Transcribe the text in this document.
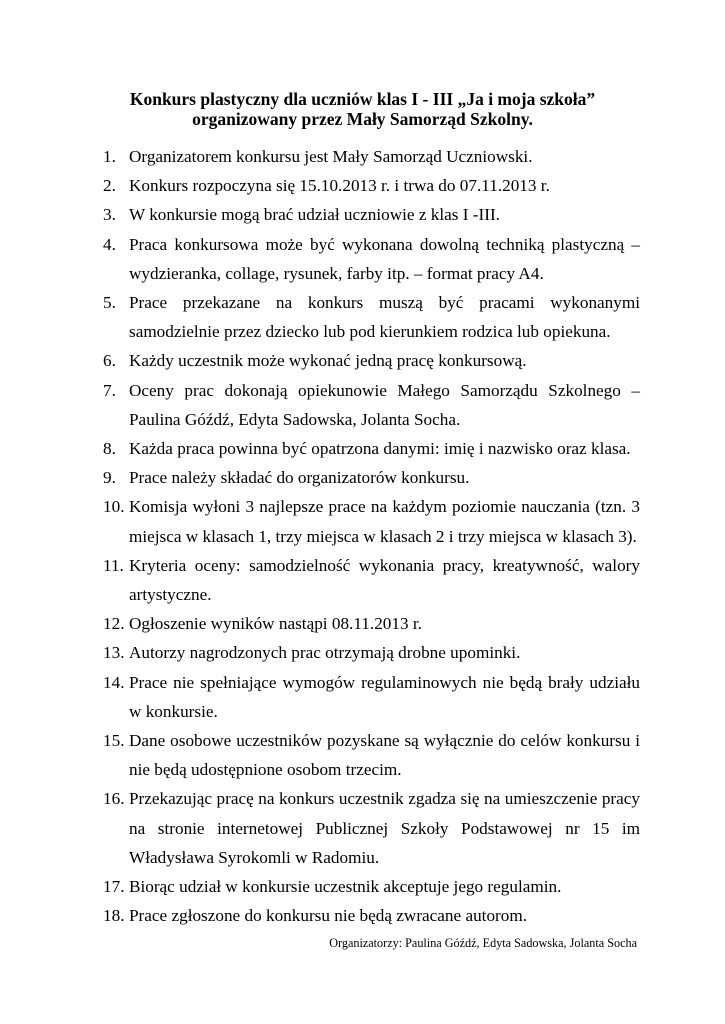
Konkurs plastyczny dla uczniów klas I - III „Ja i moja szkoła”
organizowany przez Mały Samorząd Szkolny.
1. Organizatorem konkursu jest Mały Samorząd Uczniowski.
2. Konkurs rozpoczyna się 15.10.2013 r. i trwa do 07.11.2013 r.
3. W konkursie mogą brać udział uczniowie z klas I -III.
4. Praca konkursowa może być wykonana dowolną techniką plastyczną – wydzieranka, collage, rysunek, farby itp. – format pracy A4.
5. Prace przekazane na konkurs muszą być pracami wykonanymi samodzielnie przez dziecko lub pod kierunkiem rodzica lub opiekuna.
6. Każdy uczestnik może wykonać jedną pracę konkursową.
7. Oceny prac dokonają opiekunowie Małego Samorządu Szkolnego – Paulina Góźdź, Edyta Sadowska, Jolanta Socha.
8. Każda praca powinna być opatrzona danymi: imię i nazwisko oraz klasa.
9. Prace należy składać do organizatorów konkursu.
10. Komisja wyłoni 3 najlepsze prace na każdym poziomie nauczania (tzn. 3 miejsca w klasach 1, trzy miejsca w klasach 2 i trzy miejsca w klasach 3).
11. Kryteria oceny: samodzielność wykonania pracy, kreatywność, walory artystyczne.
12. Ogłoszenie wyników nastąpi 08.11.2013 r.
13. Autorzy nagrodzonych prac otrzymają drobne upominki.
14. Prace nie spełniające wymogów regulaminowych nie będą brały udziału w konkursie.
15. Dane osobowe uczestników pozyskane są wyłącznie do celów konkursu i nie będą udostępnione osobom trzecim.
16. Przekazując pracę na konkurs uczestnik zgadza się na umieszczenie pracy na stronie internetowej Publicznej Szkoły Podstawowej nr 15 im Władysława Syrokomli w Radomiu.
17. Biorąc udział w konkursie uczestnik akceptuje jego regulamin.
18. Prace zgłoszone do konkursu nie będą zwracane autorom.
Organizatorzy: Paulina Góźdź, Edyta Sadowska, Jolanta Socha
